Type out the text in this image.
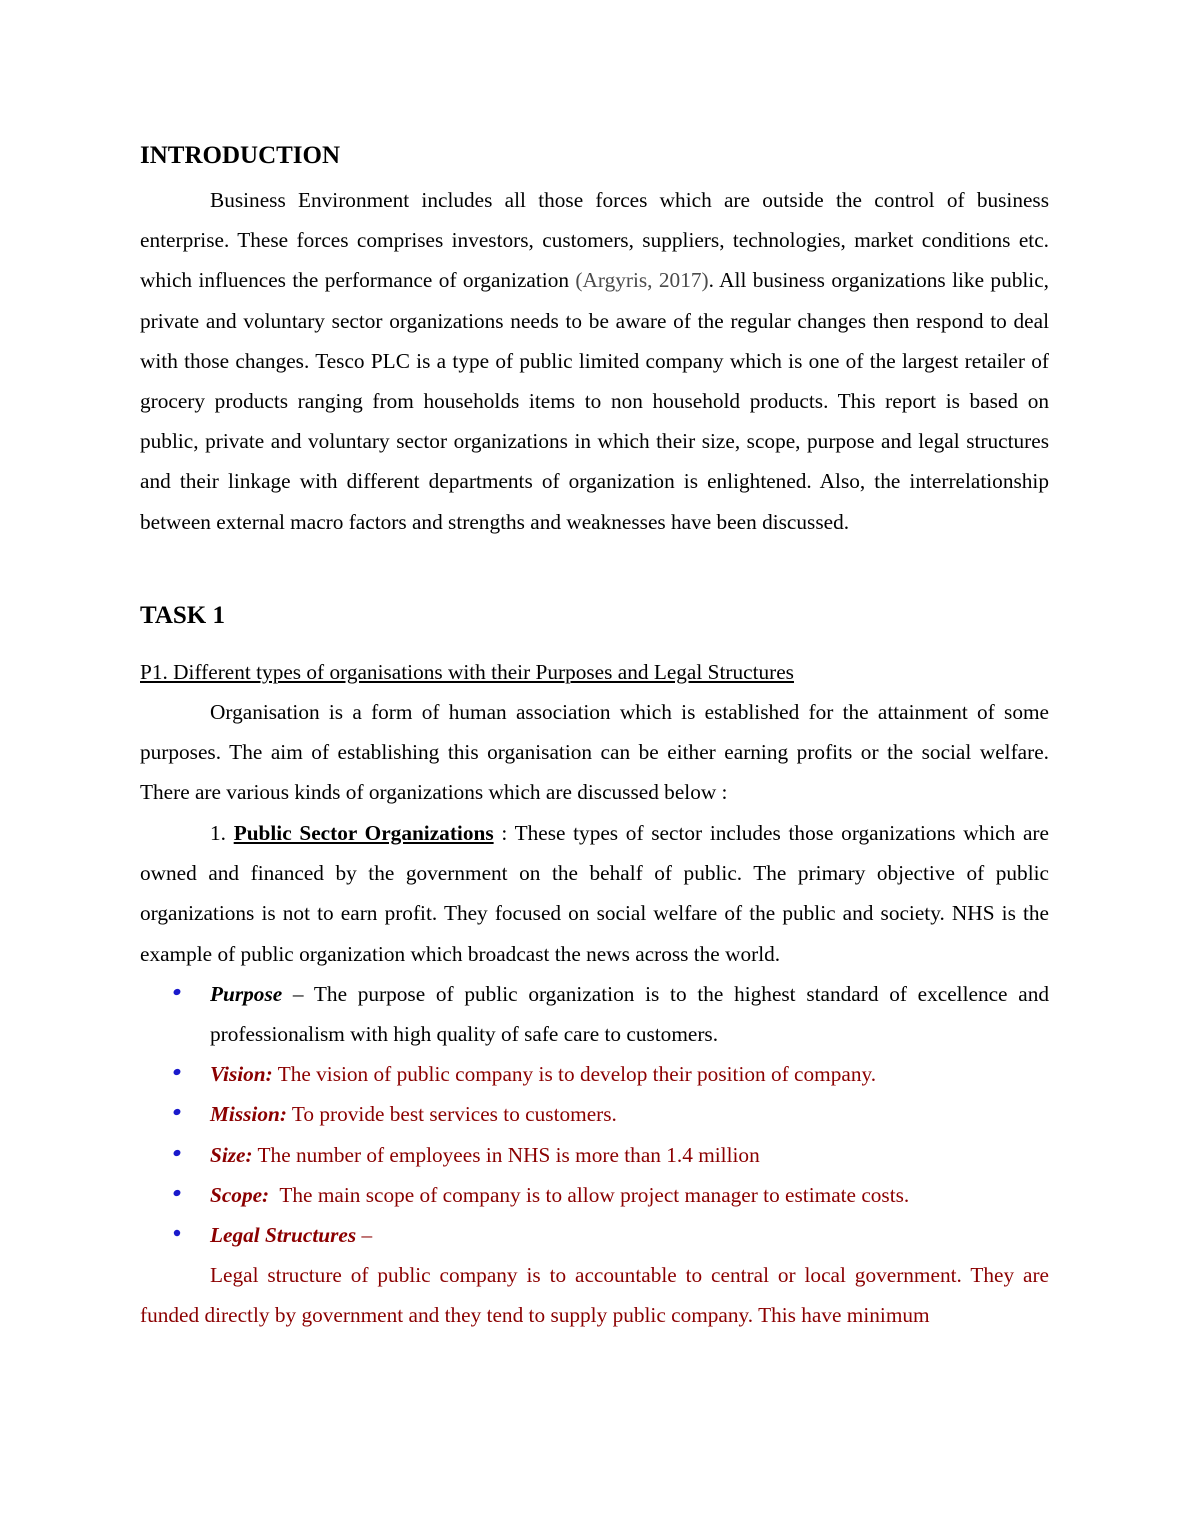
INTRODUCTION
Business Environment includes all those forces which are outside the control of business enterprise. These forces comprises investors, customers, suppliers, technologies, market conditions etc. which influences the performance of organization (Argyris, 2017). All business organizations like public, private and voluntary sector organizations needs to be aware of the regular changes then respond to deal with those changes. Tesco PLC is a type of public limited company which is one of the largest retailer of grocery products ranging from households items to non household products. This report is based on public, private and voluntary sector organizations in which their size, scope, purpose and legal structures and their linkage with different departments of organization is enlightened. Also, the interrelationship between external macro factors and strengths and weaknesses have been discussed.
TASK 1
P1. Different types of organisations with their Purposes and Legal Structures
Organisation is a form of human association which is established for the attainment of some purposes. The aim of establishing this organisation can be either earning profits or the social welfare. There are various kinds of organizations which are discussed below :
1. Public Sector Organizations : These types of sector includes those organizations which are owned and financed by the government on the behalf of public. The primary objective of public organizations is not to earn profit. They focused on social welfare of the public and society. NHS is the example of public organization which broadcast the news across the world.
Purpose – The purpose of public organization is to the highest standard of excellence and professionalism with high quality of safe care to customers.
Vision: The vision of public company is to develop their position of company.
Mission: To provide best services to customers.
Size: The number of employees in NHS is more than 1.4 million
Scope:  The main scope of company is to allow project manager to estimate costs.
Legal Structures –
Legal structure of public company is to accountable to central or local government. They are funded directly by government and they tend to supply public company. This have minimum
